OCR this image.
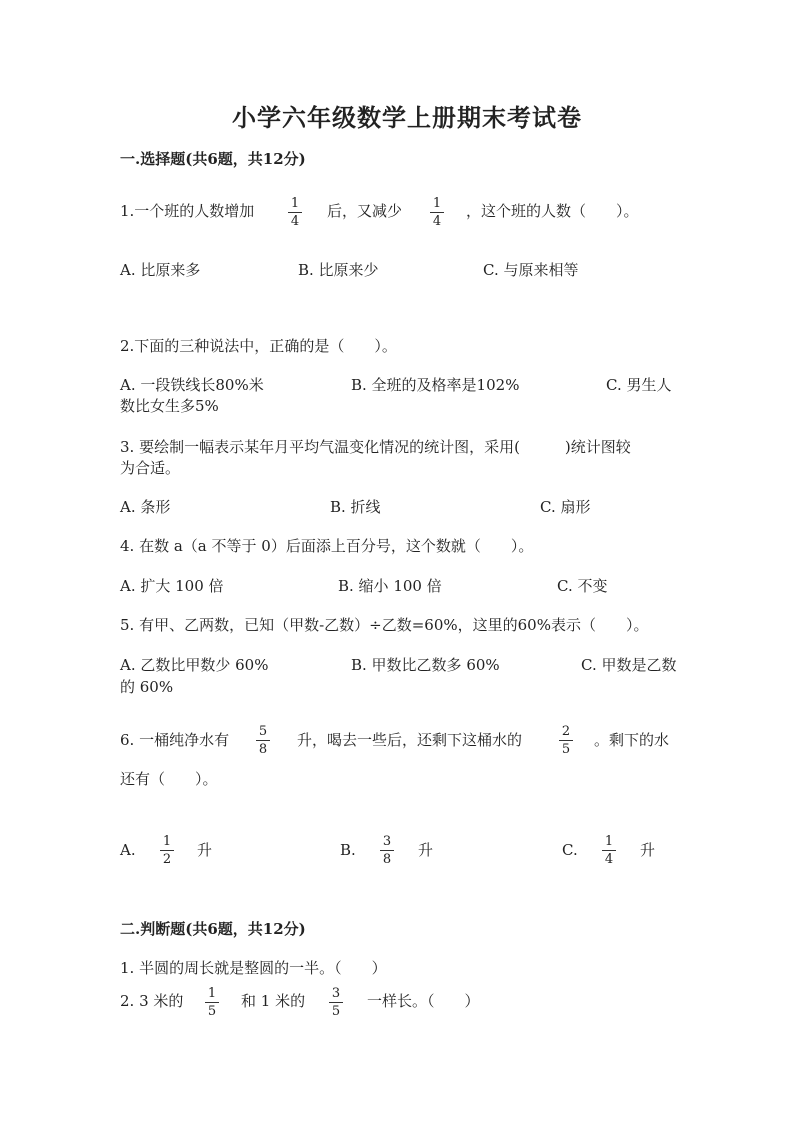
小学六年级数学上册期末考试卷
一.选择题(共6题，共12分)
1.一个班的人数增加	1
4
后，又减少 1
4
，这个班的人数（　　）。
A. 比原来多	B. 比原来少	C. 与原来相等
2.下面的三种说法中，正确的是（　　）。
A. 一段铁线长80%米	B. 全班的及格率是102%	C. 男生人
数比女生多5%
3. 要绘制一幅表示某年月平均气温变化情况的统计图，采用(　　　)统计图较
为合适。
A. 条形	B. 折线	C. 扇形
4. 在数 a（a 不等于 0）后面添上百分号，这个数就（　　）。
A. 扩大 100 倍	B. 缩小 100 倍	C. 不变
5. 有甲、乙两数，已知（甲数-乙数）÷乙数=60%，这里的60%表示（　　）。
A. 乙数比甲数少 60%	B. 甲数比乙数多 60%	C. 甲数是乙数
的 60%
6. 一桶纯净水有 5
8
升，喝去一些后，还剩下这桶水的	2
5
。剩下的水
还有（　　）。
A. 1
2
升	B. 3
8
升	C. 1
4
升
二.判断题(共6题，共12分)
1. 半圆的周长就是整圆的一半。（　　）
2. 3 米的 1
5
和 1 米的 3
5
一样长。（　　）
